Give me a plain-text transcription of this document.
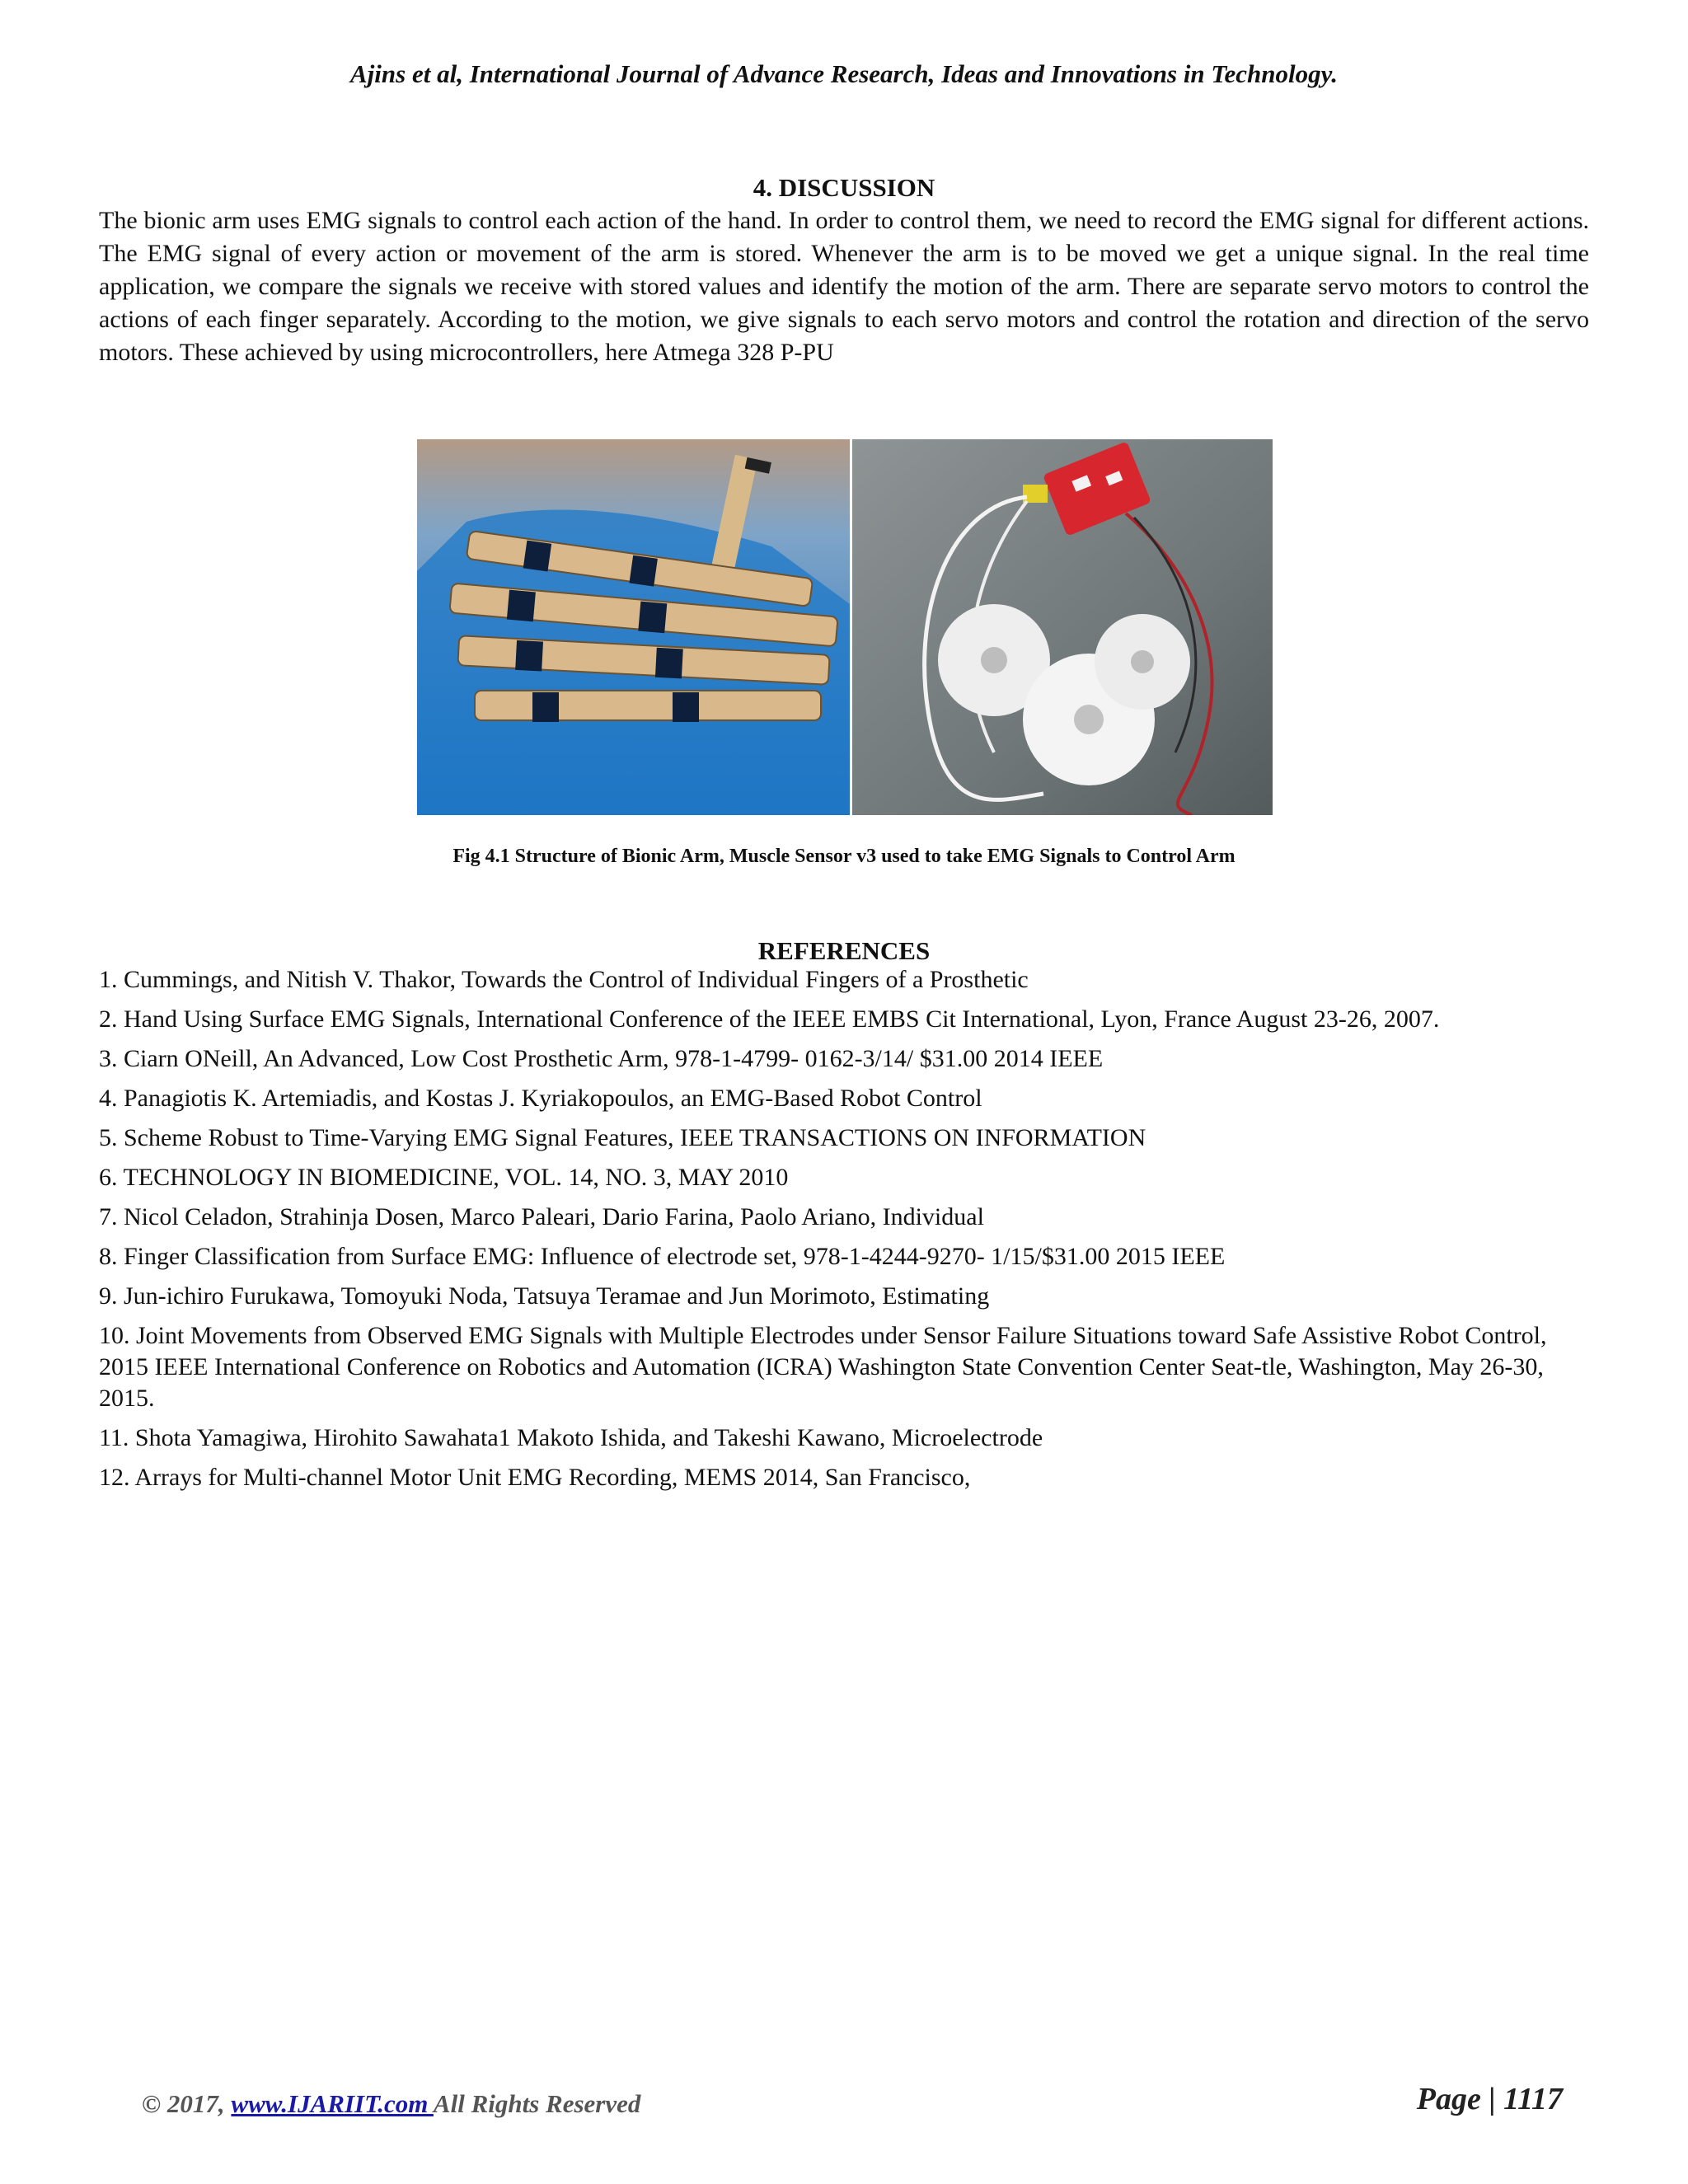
Ajins et al, International Journal of Advance Research, Ideas and Innovations in Technology.
4. DISCUSSION

The bionic arm uses EMG signals to control each action of the hand. In order to control them, we need to record the EMG signal for different actions. The EMG signal of every action or movement of the arm is stored. Whenever the arm is to be moved we get a unique signal. In the real time application, we compare the signals we receive with stored values and identify the motion of the arm. There are separate servo motors to control the actions of each finger separately. According to the motion, we give signals to each servo motors and control the rotation and direction of the servo motors. These achieved by using microcontrollers, here Atmega 328 P-PU

Fig 4.1 Structure of Bionic Arm, Muscle Sensor v3 used to take EMG Signals to Control Arm
REFERENCES
1. Cummings, and Nitish V. Thakor, Towards the Control of Individual Fingers of a Prosthetic
2. Hand Using Surface EMG Signals, International Conference of the IEEE EMBS Cit International, Lyon, France August 23-26, 2007.
3. Ciarn ONeill, An Advanced, Low Cost Prosthetic Arm, 978-1-4799- 0162-3/14/ $31.00 2014 IEEE
4. Panagiotis K. Artemiadis, and Kostas J. Kyriakopoulos, an EMG-Based Robot Control
5. Scheme Robust to Time-Varying EMG Signal Features, IEEE TRANSACTIONS ON INFORMATION
6. TECHNOLOGY IN BIOMEDICINE, VOL. 14, NO. 3, MAY 2010
7. Nicol Celadon, Strahinja Dosen, Marco Paleari, Dario Farina, Paolo Ariano, Individual
8. Finger Classification from Surface EMG: Influence of electrode set, 978-1-4244-9270- 1/15/$31.00 2015 IEEE
9. Jun-ichiro Furukawa, Tomoyuki Noda, Tatsuya Teramae and Jun Morimoto, Estimating
10. Joint Movements from Observed EMG Signals with Multiple Electrodes under Sensor Failure Situations toward Safe Assistive Robot Control, 2015 IEEE International Conference on Robotics and Automation (ICRA) Washington State Convention Center Seat-tle, Washington, May 26-30, 2015.
11. Shota Yamagiwa, Hirohito Sawahata1 Makoto Ishida, and Takeshi Kawano, Microelectrode
12. Arrays for Multi-channel Motor Unit EMG Recording, MEMS 2014, San Francisco,
© 2017, www.IJARIIT.com All Rights Reserved	Page | 1117
